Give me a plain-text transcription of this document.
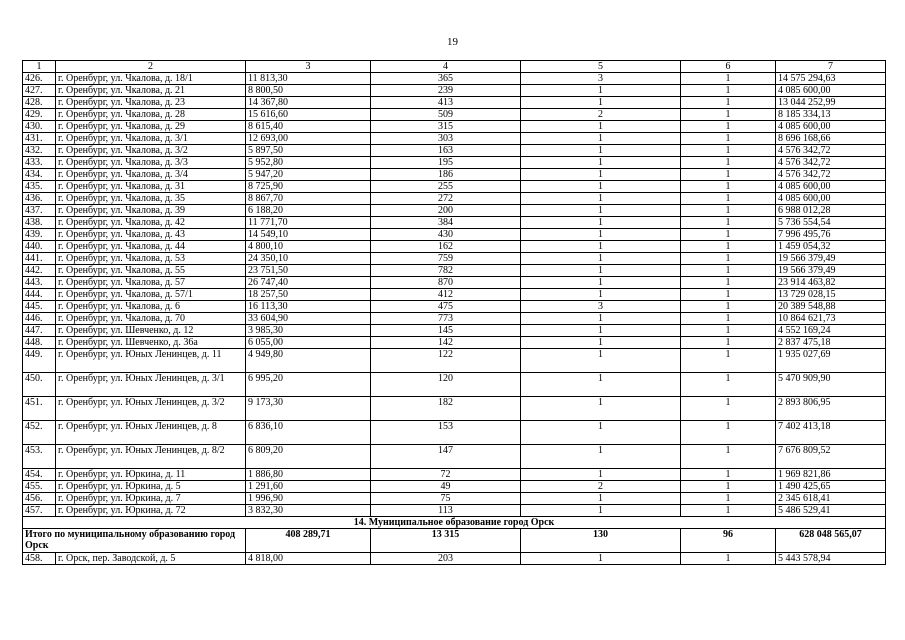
19
1	2	3	4	5	6	7
426.	г. Оренбург, ул. Чкалова, д. 18/1	11 813,30	365	3	1	14 575 294,63
427.	г. Оренбург, ул. Чкалова, д. 21	8 800,50	239	1	1	4 085 600,00
428.	г. Оренбург, ул. Чкалова, д. 23	14 367,80	413	1	1	13 044 252,99
429.	г. Оренбург, ул. Чкалова, д. 28	15 616,60	509	2	1	8 185 334,13
430.	г. Оренбург, ул. Чкалова, д. 29	8 615,40	315	1	1	4 085 600,00
431.	г. Оренбург, ул. Чкалова, д. 3/1	12 693,00	303	1	1	8 696 168,66
432.	г. Оренбург, ул. Чкалова, д. 3/2	5 897,50	163	1	1	4 576 342,72
433.	г. Оренбург, ул. Чкалова, д. 3/3	5 952,80	195	1	1	4 576 342,72
434.	г. Оренбург, ул. Чкалова, д. 3/4	5 947,20	186	1	1	4 576 342,72
435.	г. Оренбург, ул. Чкалова, д. 31	8 725,90	255	1	1	4 085 600,00
436.	г. Оренбург, ул. Чкалова, д. 35	8 867,70	272	1	1	4 085 600,00
437.	г. Оренбург, ул. Чкалова, д. 39	6 188,20	200	1	1	6 988 012,28
438.	г. Оренбург, ул. Чкалова, д. 42	11 771,70	384	1	1	5 736 554,54
439.	г. Оренбург, ул. Чкалова, д. 43	14 549,10	430	1	1	7 996 495,76
440.	г. Оренбург, ул. Чкалова, д. 44	4 800,10	162	1	1	1 459 054,32
441.	г. Оренбург, ул. Чкалова, д. 53	24 350,10	759	1	1	19 566 379,49
442.	г. Оренбург, ул. Чкалова, д. 55	23 751,50	782	1	1	19 566 379,49
443.	г. Оренбург, ул. Чкалова, д. 57	26 747,40	870	1	1	23 914 463,82
444.	г. Оренбург, ул. Чкалова, д. 57/1	18 257,50	412	1	1	13 729 028,15
445.	г. Оренбург, ул. Чкалова, д. 6	16 113,30	475	3	1	20 389 548,88
446.	г. Оренбург, ул. Чкалова, д. 70	33 604,90	773	1	1	10 864 621,73
447.	г. Оренбург, ул. Шевченко, д. 12	3 985,30	145	1	1	4 552 169,24
448.	г. Оренбург, ул. Шевченко, д. 36а	6 055,00	142	1	1	2 837 475,18
449.	г. Оренбург, ул. Юных Ленинцев, д. 11	4 949,80	122	1	1	1 935 027,69
450.	г. Оренбург, ул. Юных Ленинцев, д. 3/1	6 995,20	120	1	1	5 470 909,90
451.	г. Оренбург, ул. Юных Ленинцев, д. 3/2	9 173,30	182	1	1	2 893 806,95
452.	г. Оренбург, ул. Юных Ленинцев, д. 8	6 836,10	153	1	1	7 402 413,18
453.	г. Оренбург, ул. Юных Ленинцев, д. 8/2	6 809,20	147	1	1	7 676 809,52
454.	г. Оренбург, ул. Юркина, д. 11	1 886,80	72	1	1	1 969 821,86
455.	г. Оренбург, ул. Юркина, д. 5	1 291,60	49	2	1	1 490 425,65
456.	г. Оренбург, ул. Юркина, д. 7	1 996,90	75	1	1	2 345 618,41
457.	г. Оренбург, ул. Юркина, д. 72	3 832,30	113	1	1	5 486 529,41
14. Муниципальное образование город Орск						
Итого по муниципальному образованию город Орск		408 289,71	13 315	130	96	628 048 565,07
458.	г. Орск, пер. Заводской, д. 5	4 818,00	203	1	1	5 443 578,94
